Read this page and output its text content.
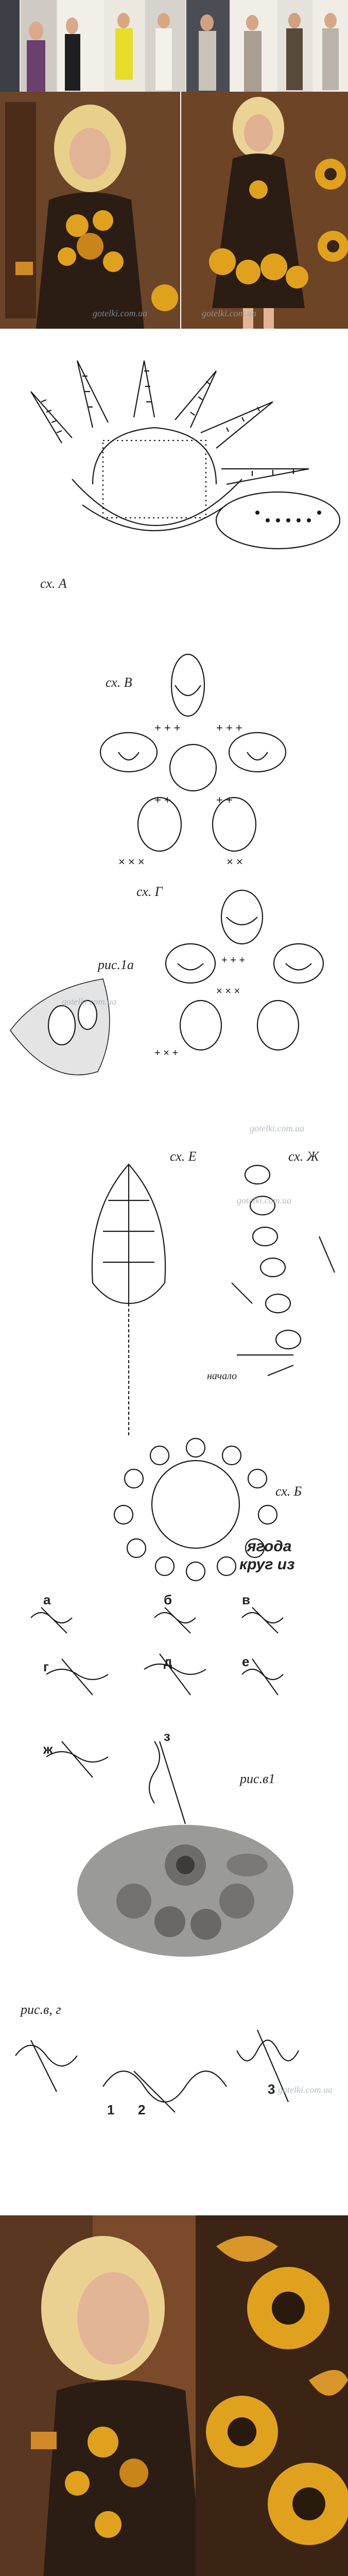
gotelki.com.ua	gotelki.com.ua
сх. А
+ + +	+ + +
+ +	+ +
× × ×	× ×
сх. В
+ + +
× × ×
+ × +
сх. Г
рис.1а
gotelki.com.ua
gotelki.com.ua
сх. Е	сх. Ж
начало
gotelki.com.ua
сх. Б
ягода
круг из
а	б	в
г	д	е
ж
з
рис.в1
рис.в, г
1 2
3 gotelki.com.ua
